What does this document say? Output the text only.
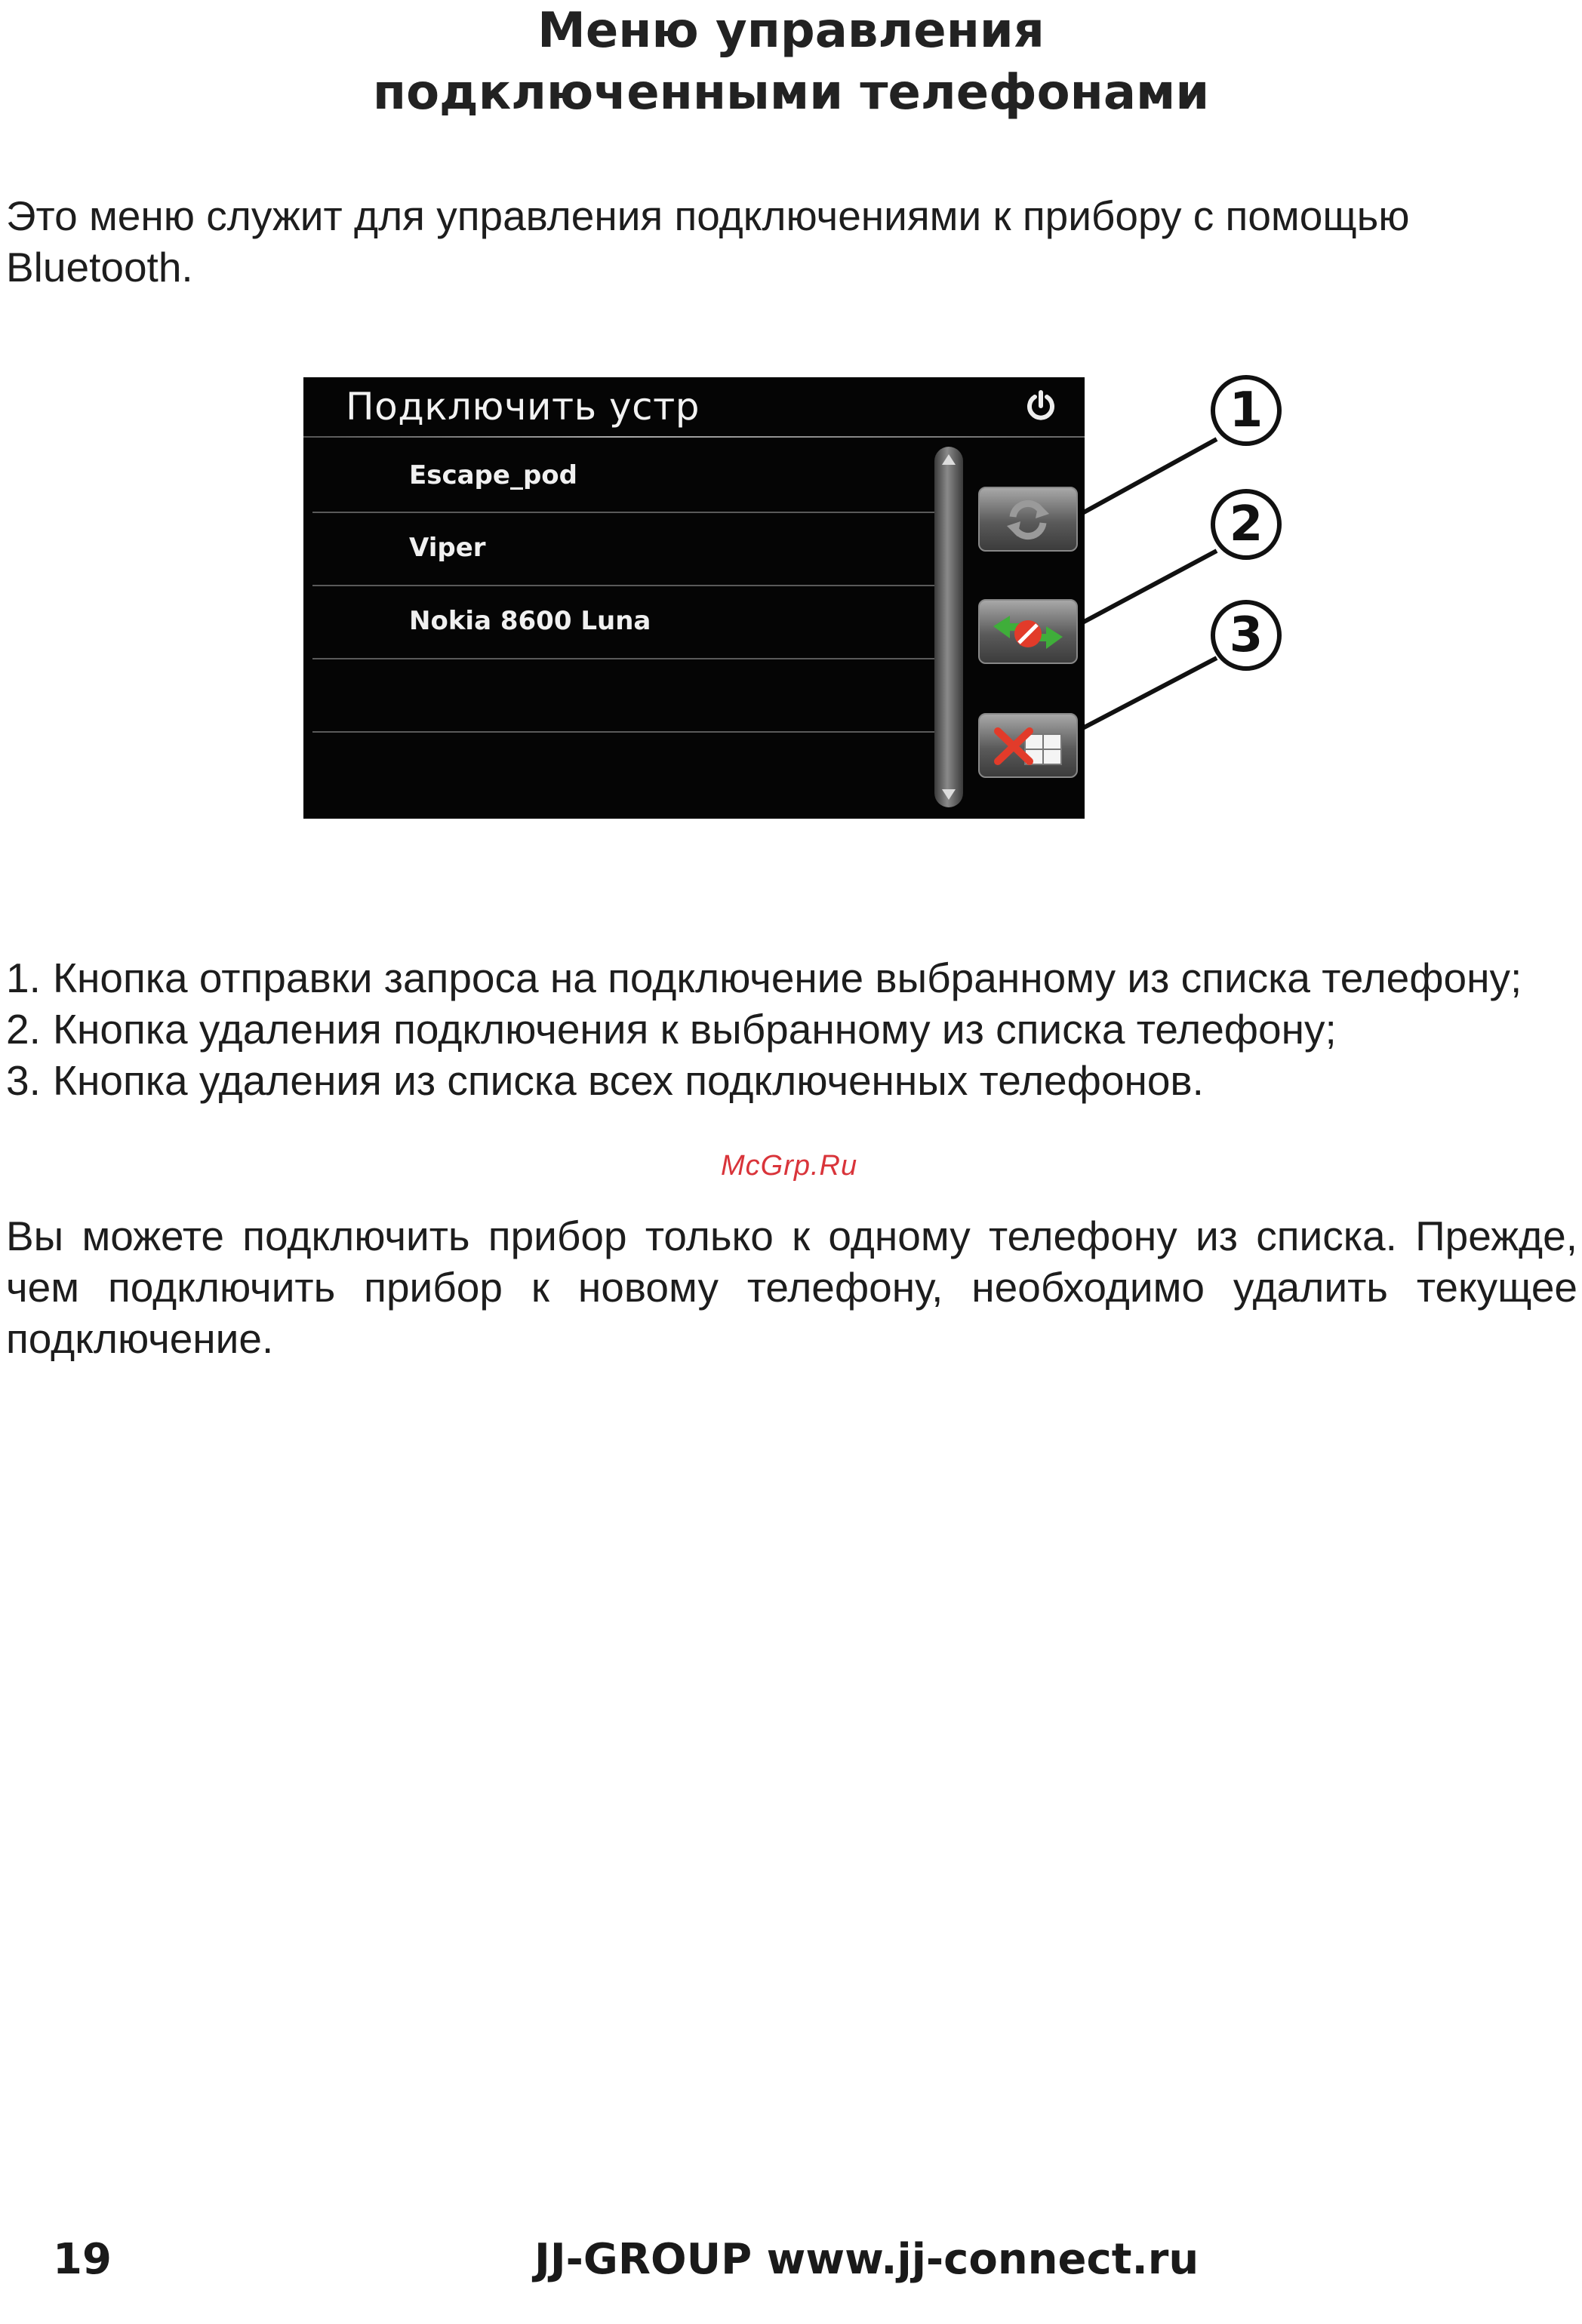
Меню управления
подключенными телефонами
Это меню служит для управления подключениями к прибору с помощью Bluetooth.
Подключить устр
Escape_pod
Viper
Nokia 8600 Luna
1
2
3
1. Кнопка отправки запроса на подключение выбранному из списка телефону;
2. Кнопка удаления подключения к выбранному из списка телефону;
3. Кнопка удаления из списка всех подключенных телефонов.
McGrp.Ru
Вы можете подключить прибор только к одному телефону из списка. Прежде, чем подключить прибор к новому телефону, необходимо удалить текущее подключение.
19	JJ-GROUP www.jj-connect.ru
